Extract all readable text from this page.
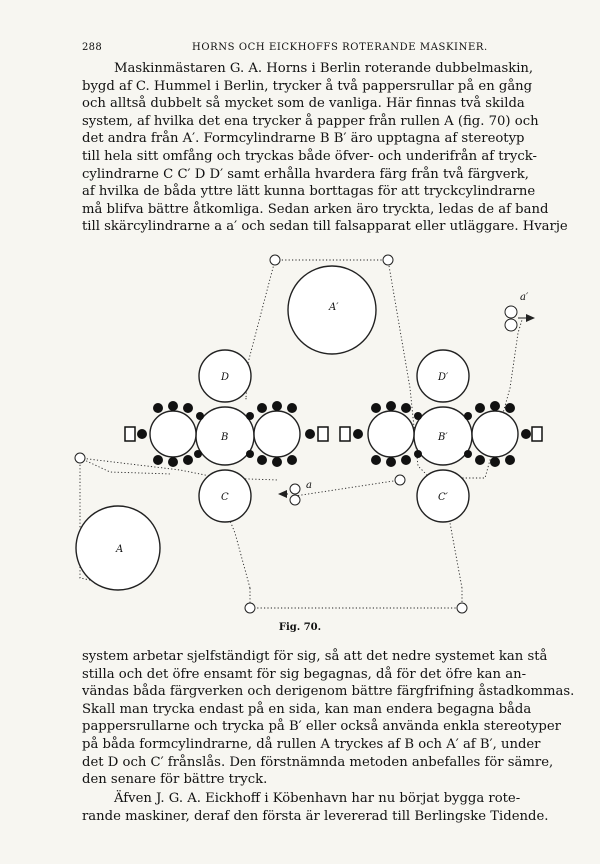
288	HORNS OCH EICKHOFFS ROTERANDE MASKINER.
Maskinmästaren G. A. Horns i Berlin roterande dubbelmaskin,
bygd af C. Hummel i Berlin, trycker å två pappersrullar på en gång
och alltså dubbelt så mycket som de vanliga. Här finnas två skilda
system, af hvilka det ena trycker å papper från rullen A (fig. 70) och
det andra från A′. Formcylindrarne B B′ äro upptagna af stereotyp
till hela sitt omfång och tryckas både öfver- och underifrån af tryck-
cylindrarne C C′ D D′ samt erhålla hvardera färg från två färgverk,
af hvilka de båda yttre lätt kunna borttagas för att tryckcylindrarne
må blifva bättre åtkomliga. Sedan arken äro tryckta, ledas de af band
till skärcylindrarne a a′ och sedan till falsapparat eller utläggare. Hvarje
A′
D	D′
B	B′
C	C′
A
a
a′
Fig. 70.
system arbetar sjelfständigt för sig, så att det nedre systemet kan stå
stilla och det öfre ensamt för sig begagnas, då för det öfre kan an-
vändas båda färgverken och derigenom bättre färgfrifning åstadkommas.
Skall man trycka endast på en sida, kan man endera begagna båda
pappersrullarne och trycka på B′ eller också använda enkla stereotyper
på båda formcylindrarne, då rullen A tryckes af B och A′ af B′, under
det D och C′ frånslås. Den förstnämnda metoden anbefalles för sämre,
den senare för bättre tryck.
Äfven J. G. A. Eickhoff i Köbenhavn har nu börjat bygga rote-
rande maskiner, deraf den första är levererad till Berlingske Tidende.
